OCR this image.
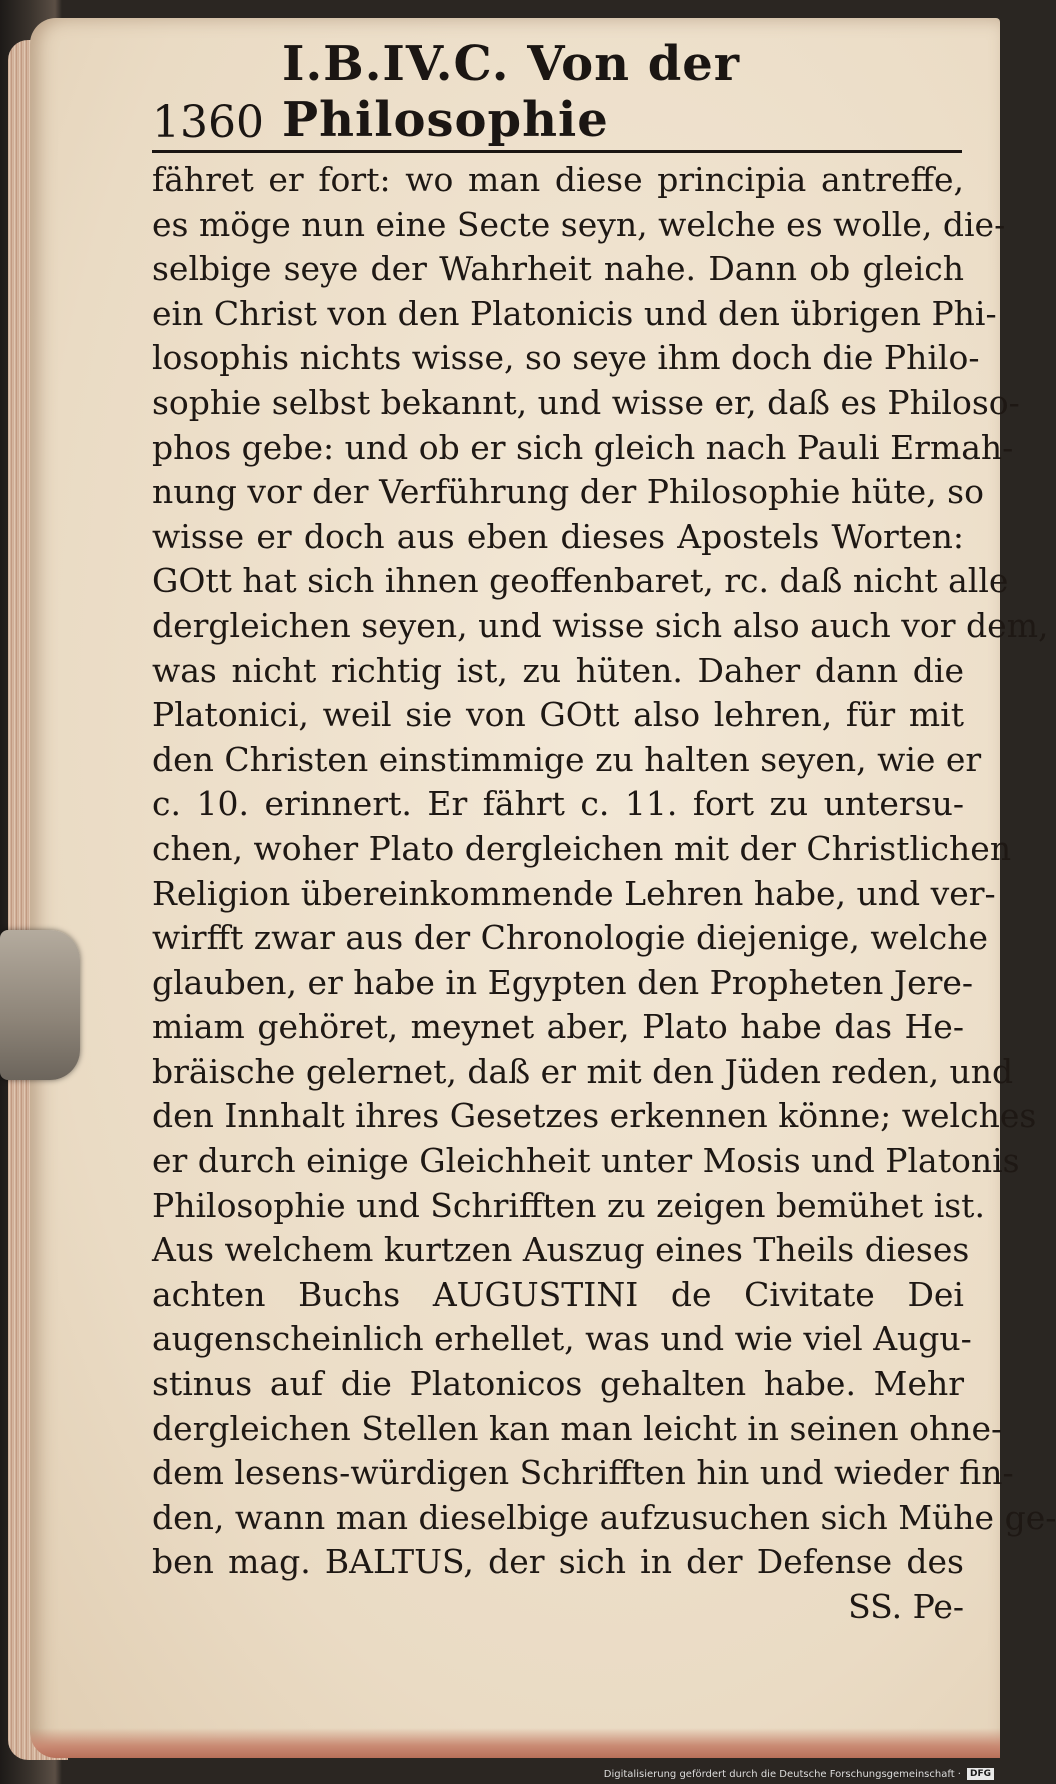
1360
I.B.IV.C. Von der Philosophie
fähret er fort: wo man diese principia antreffe,
es möge nun eine Secte seyn, welche es wolle, die-
selbige seye der Wahrheit nahe. Dann ob gleich
ein Christ von den Platonicis und den übrigen Phi-
losophis nichts wisse, so seye ihm doch die Philo-
sophie selbst bekannt, und wisse er, daß es Philoso-
phos gebe: und ob er sich gleich nach Pauli Ermah-
nung vor der Verführung der Philosophie hüte, so
wisse er doch aus eben dieses Apostels Worten:
GOtt hat sich ihnen geoffenbaret, rc. daß nicht alle
dergleichen seyen, und wisse sich also auch vor dem,
was nicht richtig ist, zu hüten. Daher dann die
Platonici, weil sie von GOtt also lehren, für mit
den Christen einstimmige zu halten seyen, wie er
c. 10. erinnert. Er fährt c. 11. fort zu untersu-
chen, woher Plato dergleichen mit der Christlichen
Religion übereinkommende Lehren habe, und ver-
wirfft zwar aus der Chronologie diejenige, welche
glauben, er habe in Egypten den Propheten Jere-
miam gehöret, meynet aber, Plato habe das He-
bräische gelernet, daß er mit den Jüden reden, und
den Innhalt ihres Gesetzes erkennen könne; welches
er durch einige Gleichheit unter Mosis und Platonis
Philosophie und Schrifften zu zeigen bemühet ist.
Aus welchem kurtzen Auszug eines Theils dieses
achten Buchs AUGUSTINI de Civitate Dei
augenscheinlich erhellet, was und wie viel Augu-
stinus auf die Platonicos gehalten habe. Mehr
dergleichen Stellen kan man leicht in seinen ohne-
dem lesens-würdigen Schrifften hin und wieder fin-
den, wann man dieselbige aufzusuchen sich Mühe ge-
ben mag. BALTUS, der sich in der Defense des
SS. Pe-
Digitalisierung gefördert durch die Deutsche Forschungsgemeinschaft ·	DFG
